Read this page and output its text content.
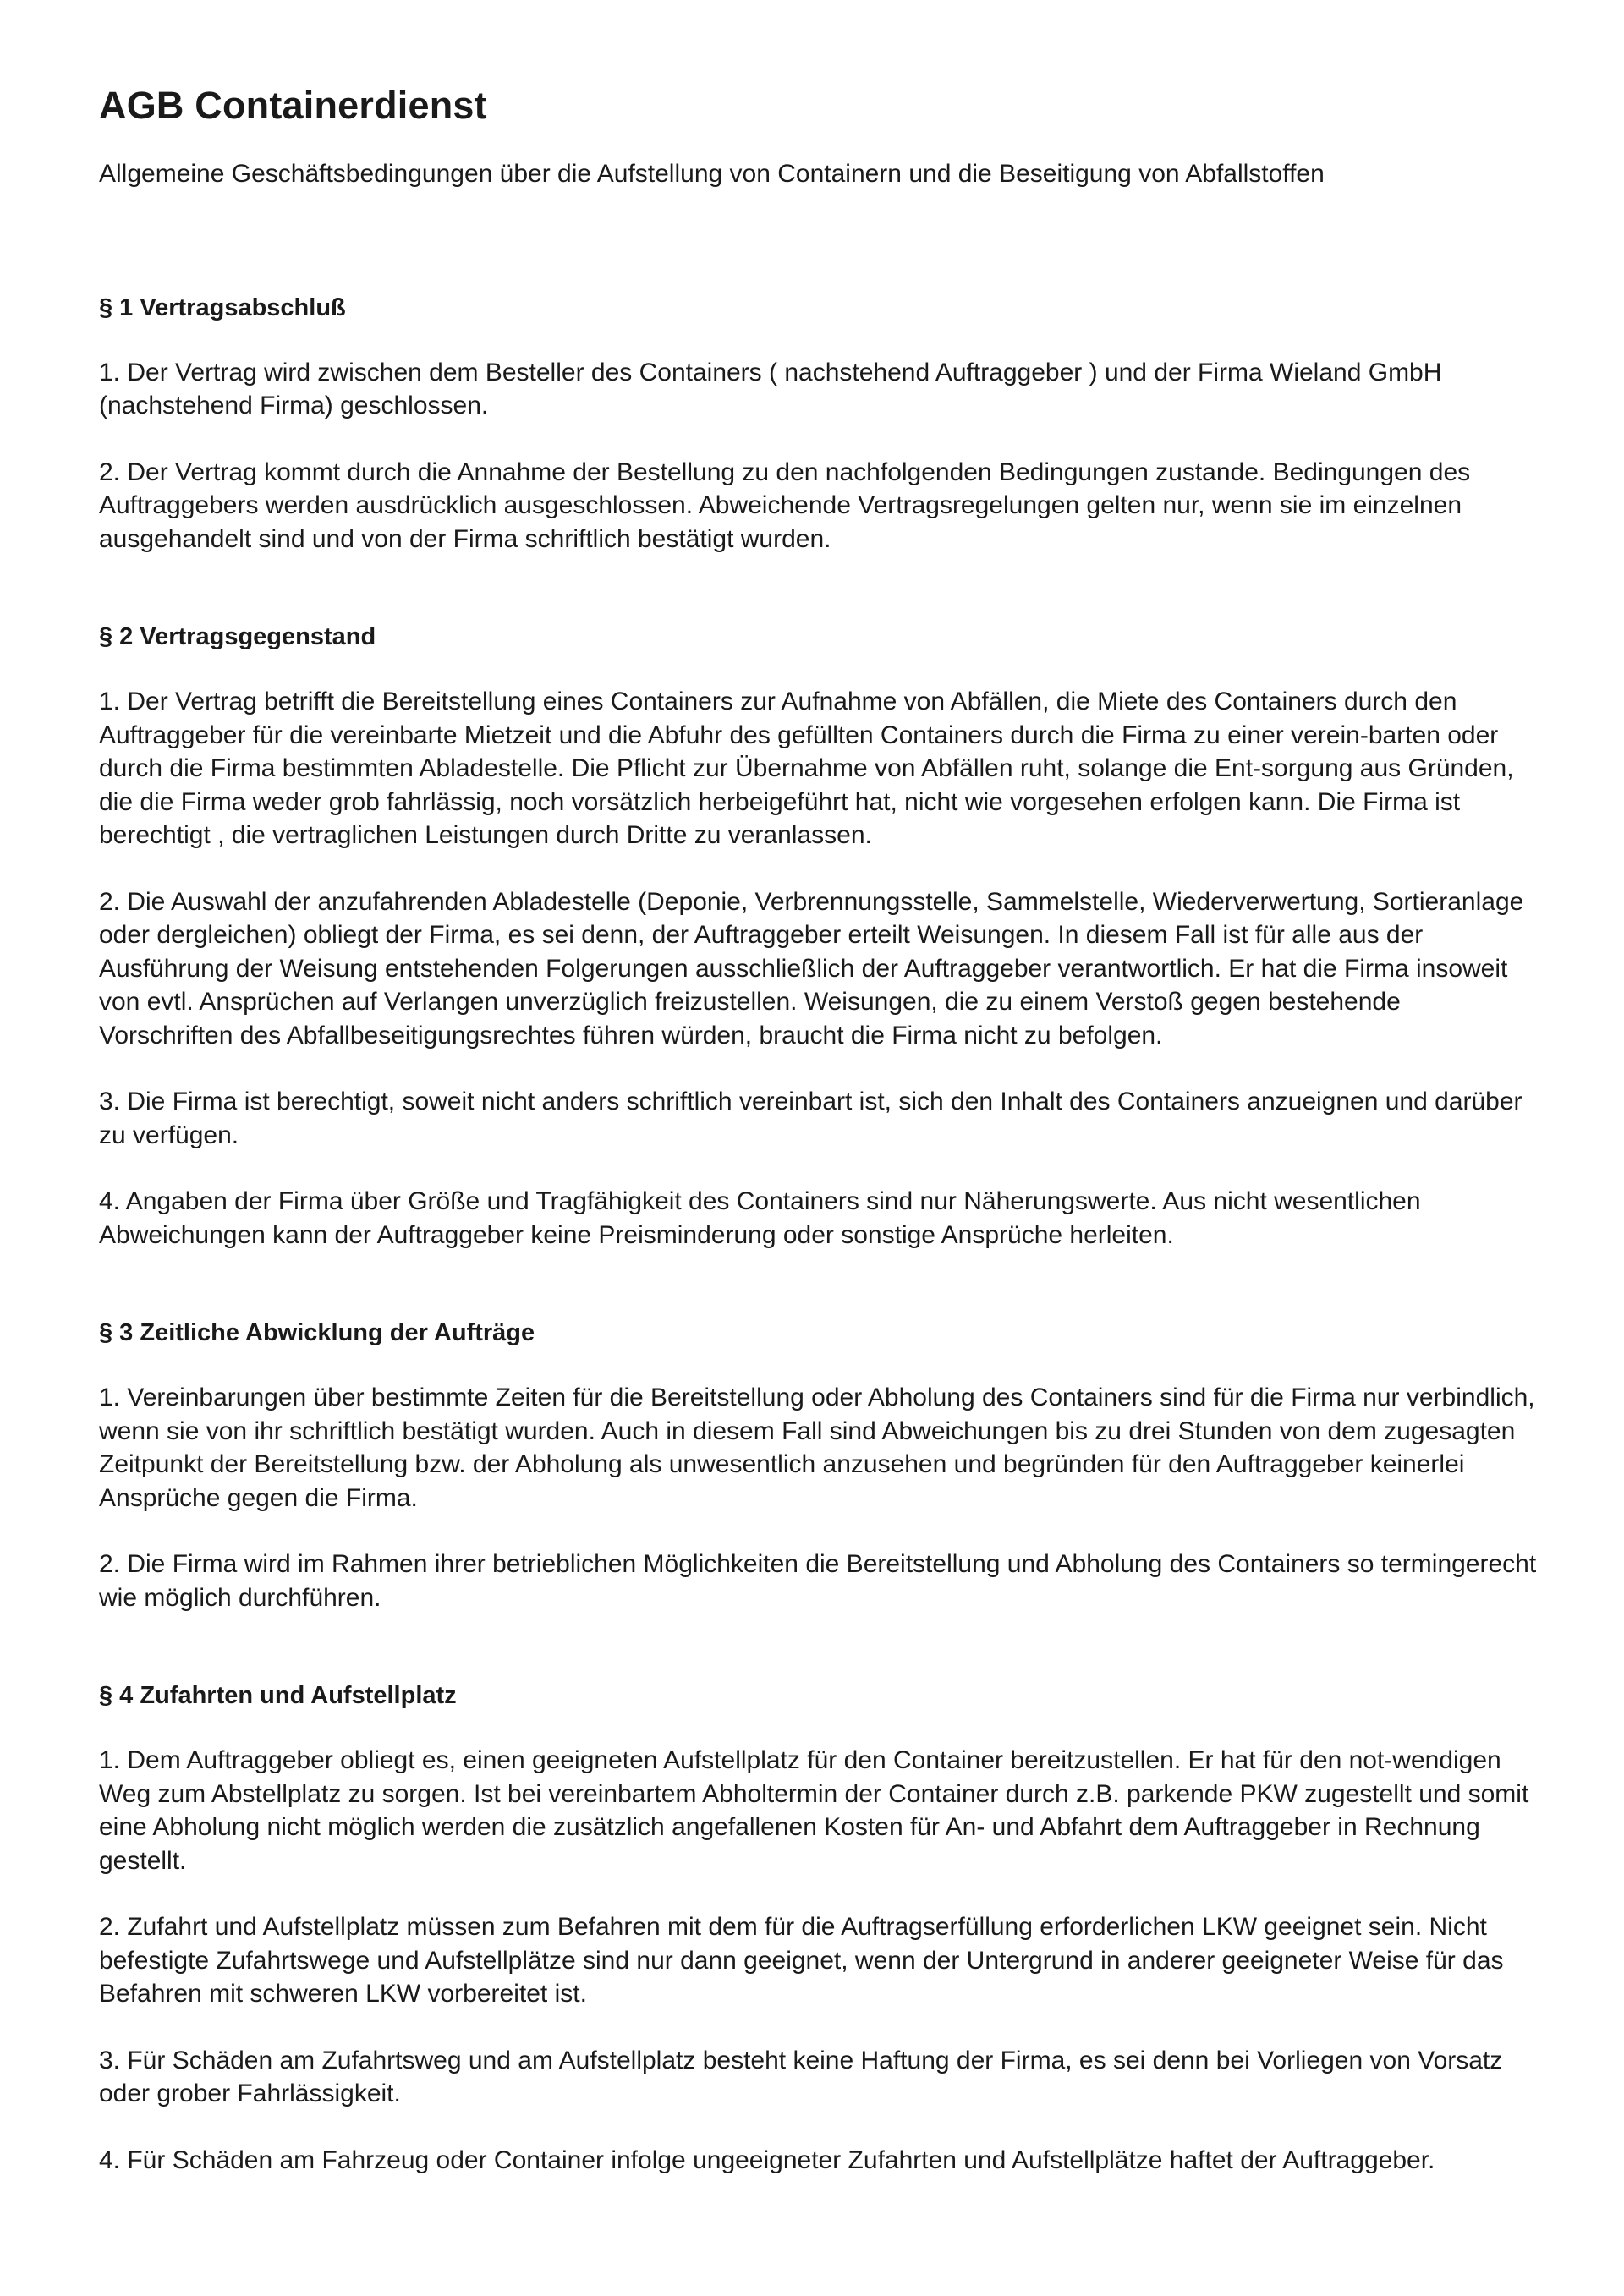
AGB Containerdienst

Allgemeine Geschäftsbedingungen über die Aufstellung von Containern und die Beseitigung von Abfallstoffen

§ 1 Vertragsabschluß

1. Der Vertrag wird zwischen dem Besteller des Containers ( nachstehend Auftraggeber ) und der Firma Wieland GmbH (nachstehend Firma) geschlossen.

2. Der Vertrag kommt durch die Annahme der Bestellung zu den nachfolgenden Bedingungen zustande. Bedingungen des Auftraggebers werden ausdrücklich ausgeschlossen. Abweichende Vertragsregelungen gelten nur, wenn sie im einzelnen ausgehandelt sind und von der Firma schriftlich bestätigt wurden.

§ 2 Vertragsgegenstand

1. Der Vertrag betrifft die Bereitstellung eines Containers zur Aufnahme von Abfällen, die Miete des Containers durch den Auftraggeber für die vereinbarte Mietzeit und die Abfuhr des gefüllten Containers durch die Firma zu einer verein-barten oder durch die Firma bestimmten Abladestelle. Die Pflicht zur Übernahme von Abfällen ruht, solange die Ent-sorgung aus Gründen, die die Firma weder grob fahrlässig, noch vorsätzlich herbeigeführt hat, nicht wie vorgesehen erfolgen kann. Die Firma ist berechtigt , die vertraglichen Leistungen durch Dritte zu veranlassen.

2. Die Auswahl der anzufahrenden Abladestelle (Deponie, Verbrennungsstelle, Sammelstelle, Wiederverwertung, Sortieranlage oder dergleichen) obliegt der Firma, es sei denn, der Auftraggeber erteilt Weisungen. In diesem Fall ist für alle aus der Ausführung der Weisung entstehenden Folgerungen ausschließlich der Auftraggeber verantwortlich. Er hat die Firma insoweit von evtl. Ansprüchen auf Verlangen unverzüglich freizustellen. Weisungen, die zu einem Verstoß gegen bestehende Vorschriften des Abfallbeseitigungsrechtes führen würden, braucht die Firma nicht zu befolgen.

3. Die Firma ist berechtigt, soweit nicht anders schriftlich vereinbart ist, sich den Inhalt des Containers anzueignen und darüber zu verfügen.

4. Angaben der Firma über Größe und Tragfähigkeit des Containers sind nur Näherungswerte. Aus nicht wesentlichen Abweichungen kann der Auftraggeber keine Preisminderung oder sonstige Ansprüche herleiten.

§ 3 Zeitliche Abwicklung der Aufträge

1. Vereinbarungen über bestimmte Zeiten für die Bereitstellung oder Abholung des Containers sind für die Firma nur verbindlich, wenn sie von ihr schriftlich bestätigt wurden. Auch in diesem Fall sind Abweichungen bis zu drei Stunden von dem zugesagten Zeitpunkt der Bereitstellung bzw. der Abholung als unwesentlich anzusehen und begründen für den Auftraggeber keinerlei Ansprüche gegen die Firma.

2. Die Firma wird im Rahmen ihrer betrieblichen Möglichkeiten die Bereitstellung und Abholung des Containers so termingerecht wie möglich durchführen.

§ 4 Zufahrten und Aufstellplatz

1. Dem Auftraggeber obliegt es, einen geeigneten Aufstellplatz für den Container bereitzustellen. Er hat für den not-wendigen Weg zum Abstellplatz zu sorgen. Ist bei vereinbartem Abholtermin der Container durch z.B. parkende PKW zugestellt und somit eine Abholung nicht möglich werden die zusätzlich angefallenen Kosten für An- und Abfahrt dem Auftraggeber in Rechnung gestellt.

2. Zufahrt und Aufstellplatz müssen zum Befahren mit dem für die Auftragserfüllung erforderlichen LKW geeignet sein. Nicht befestigte Zufahrtswege und Aufstellplätze sind nur dann geeignet, wenn der Untergrund in anderer geeigneter Weise für das Befahren mit schweren LKW vorbereitet ist.

3. Für Schäden am Zufahrtsweg und am Aufstellplatz besteht keine Haftung der Firma, es sei denn bei Vorliegen von Vorsatz oder grober Fahrlässigkeit.

4. Für Schäden am Fahrzeug oder Container infolge ungeeigneter Zufahrten und Aufstellplätze haftet der Auftraggeber.
